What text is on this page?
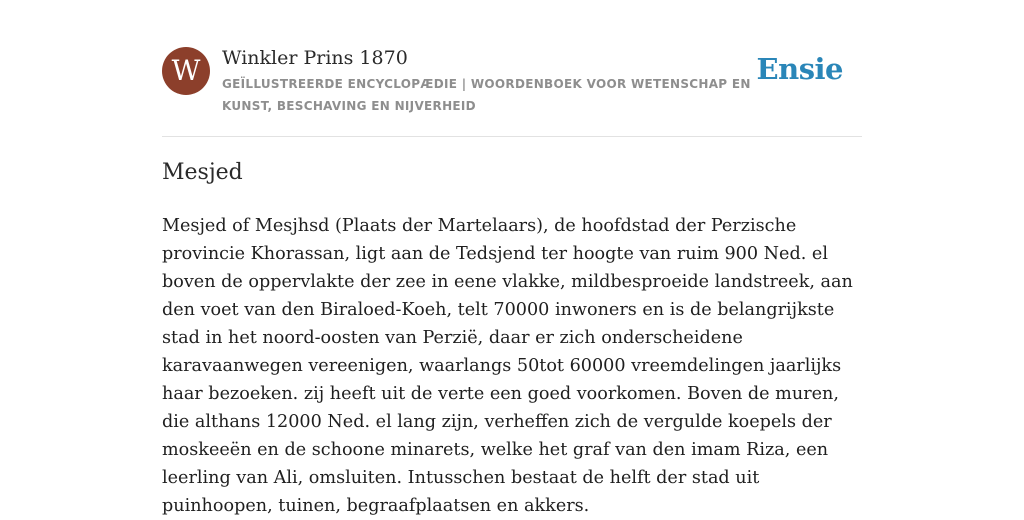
W	Winkler Prins 1870
GEÏLLUSTREERDE ENCYCLOPÆDIE | WOORDENBOEK VOOR WETENSCHAP EN KUNST, BESCHAVING EN NIJVERHEID
Ensie
Mesjed

Mesjed of Mesjhsd (Plaats der Martelaars), de hoofdstad der Perzische provincie Khorassan, ligt aan de Tedsjend ter hoogte van ruim 900 Ned. el boven de oppervlakte der zee in eene vlakke, mildbesproeide landstreek, aan den voet van den Biraloed-Koeh, telt 70000 inwoners en is de belangrijkste stad in het noord-oosten van Perzië, daar er zich onderscheidene karavaanwegen vereenigen, waarlangs 50tot 60000 vreemdelingen jaarlijks haar bezoeken. zij heeft uit de verte een goed voorkomen. Boven de muren, die althans 12000 Ned. el lang zijn, verheffen zich de vergulde koepels der moskeeën en de schoone minarets, welke het graf van den imam Riza, een leerling van Ali, omsluiten. Intusschen bestaat de helft der stad uit puinhoopen, tuinen, begraafplaatsen en akkers.
